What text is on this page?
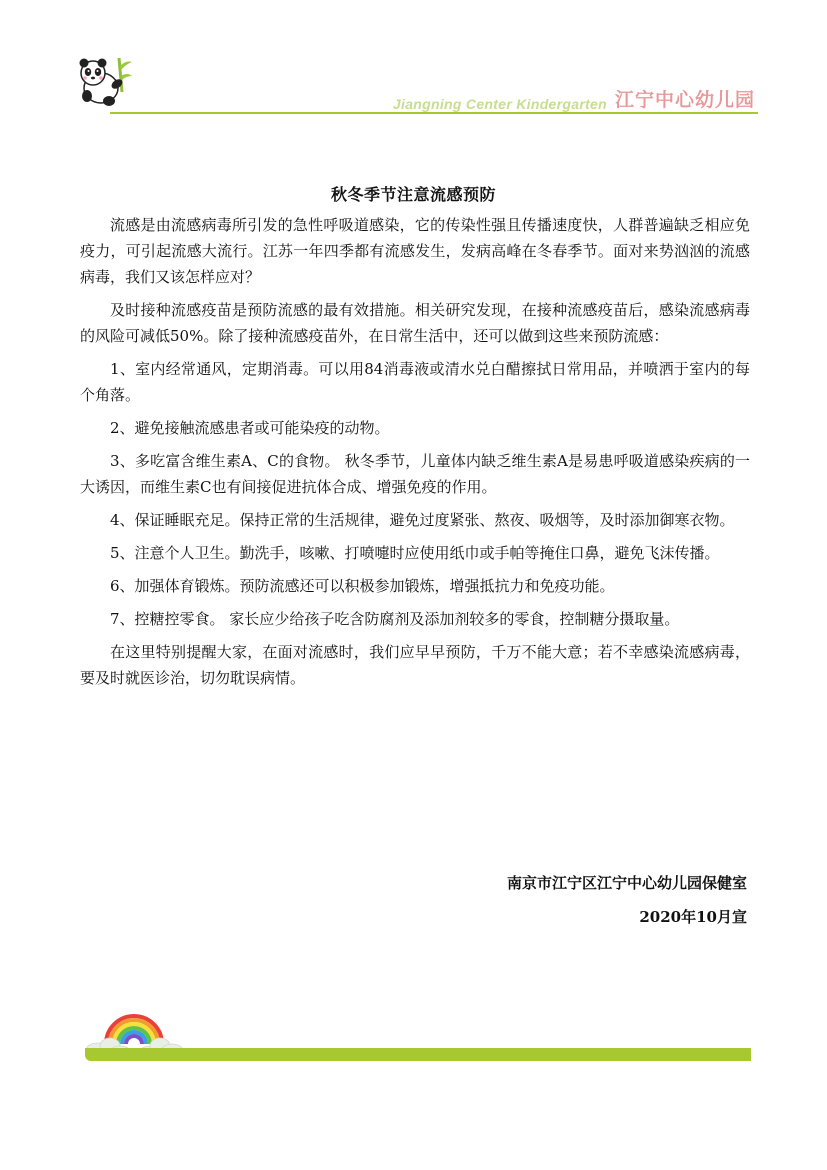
Jiangning Center Kindergarten 江宁中心幼儿园
秋冬季节注意流感预防

流感是由流感病毒所引发的急性呼吸道感染，它的传染性强且传播速度快，人群普遍缺乏相应免疫力，可引起流感大流行。江苏一年四季都有流感发生，发病高峰在冬春季节。面对来势汹汹的流感病毒，我们又该怎样应对？

及时接种流感疫苗是预防流感的最有效措施。相关研究发现，在接种流感疫苗后，感染流感病毒的风险可减低50%。除了接种流感疫苗外，在日常生活中，还可以做到这些来预防流感：

1、室内经常通风，定期消毒。可以用84消毒液或清水兑白醋擦拭日常用品，并喷洒于室内的每个角落。

2、避免接触流感患者或可能染疫的动物。

3、多吃富含维生素A、C的食物。 秋冬季节，儿童体内缺乏维生素A是易患呼吸道感染疾病的一大诱因，而维生素C也有间接促进抗体合成、增强免疫的作用。

4、保证睡眠充足。保持正常的生活规律，避免过度紧张、熬夜、吸烟等，及时添加御寒衣物。

5、注意个人卫生。勤洗手，咳嗽、打喷嚏时应使用纸巾或手帕等掩住口鼻，避免飞沫传播。

6、加强体育锻炼。预防流感还可以积极参加锻炼，增强抵抗力和免疫功能。

7、控糖控零食。 家长应少给孩子吃含防腐剂及添加剂较多的零食，控制糖分摄取量。

在这里特别提醒大家，在面对流感时，我们应早早预防，千万不能大意；若不幸感染流感病毒，要及时就医诊治，切勿耽误病情。

南京市江宁区江宁中心幼儿园保健室
2020年10月宣
